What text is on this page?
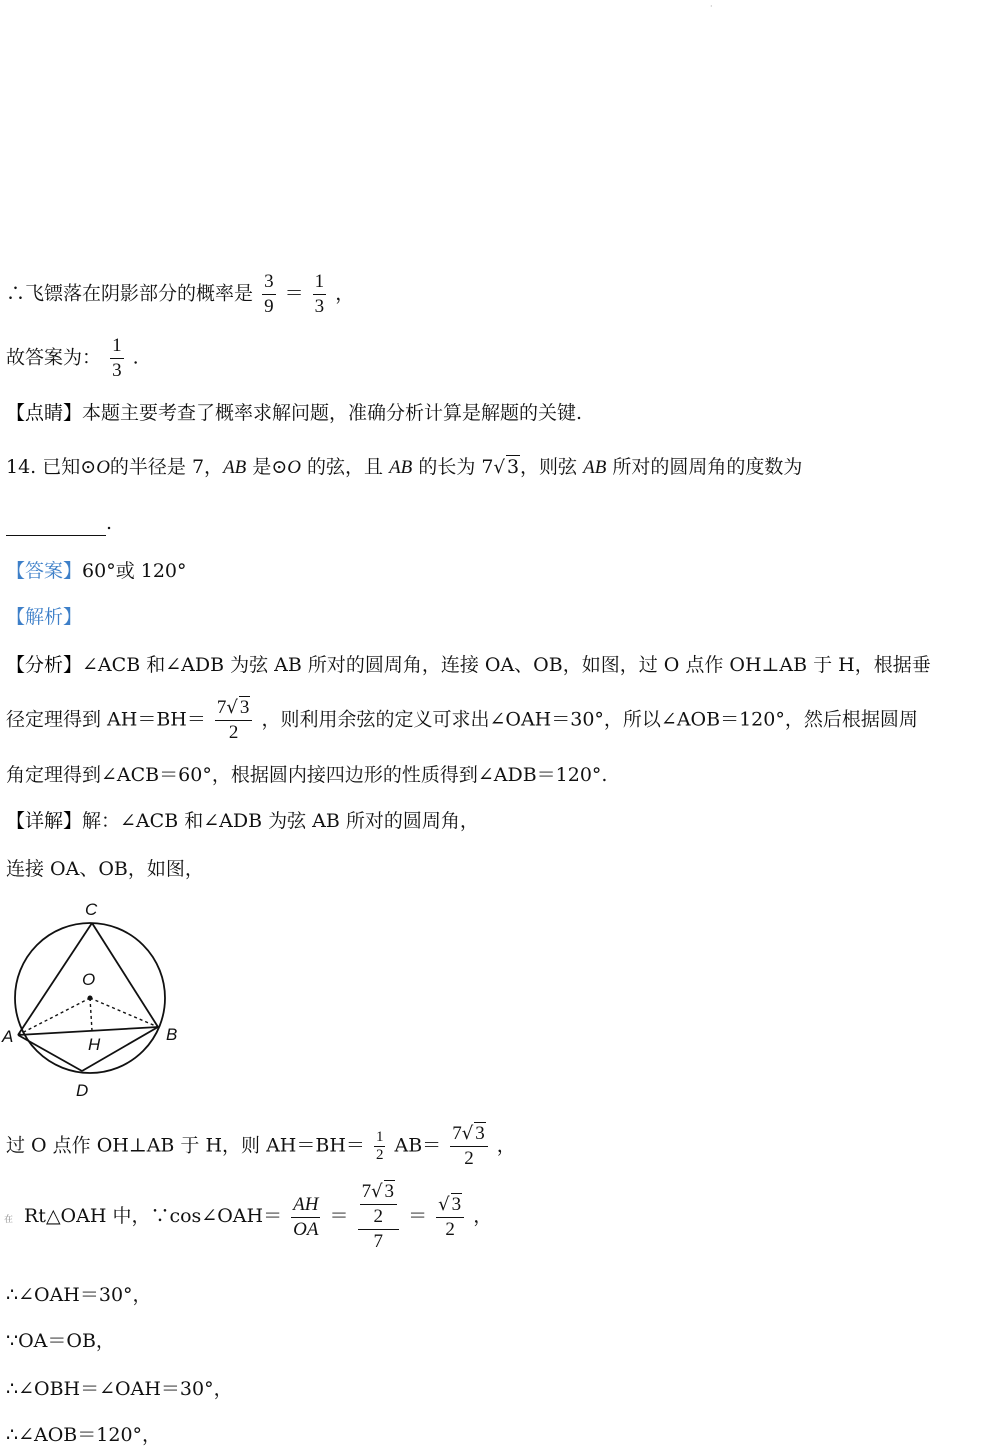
·
∴飞镖落在阴影部分的概率是 $\frac{3}{9} = \frac{1}{3}$ ，
故答案为： $\frac{1}{3}$ .
【点睛】本题主要考查了概率求解问题，准确分析计算是解题的关键.
14. 已知⊙O的半径是 7，AB 是⊙O 的弦，且 AB 的长为 7√ 3，则弦 AB 所对的圆周角的度数为
.
【答案】60°或 120°
【解析】
【分析】∠ACB 和∠ADB 为弦 AB 所对的圆周角，连接 OA、OB，如图，过 O 点作 OH⊥AB 于 H，根据垂
径定理得到 $AH=BH= \frac{7√ 3}{2}$ ，则利用余弦的定义可求出∠OAH＝30°，所以∠AOB＝120°，然后根据圆周
角定理得到∠ACB＝60°，根据圆内接四边形的性质得到∠ADB＝120°.
【详解】解：∠ACB 和∠ADB 为弦 AB 所对的圆周角，
连接 OA、OB，如图，
C
O
A	B
H
D
过 O 点作 OH⊥AB 于 H，则 $AH=BH= \frac{1}{2} AB= \frac{7√ 3}{2}$ ，
在 Rt△OAH 中，∵cos∠OAH＝ $\frac{AH}{OA} = \frac{\frac{7√ 3}{2}}{7} = \frac{√ 3}{2}$ ，
∴∠OAH＝30°，
∵OA＝OB，
∴∠OBH＝∠OAH＝30°，
∴∠AOB＝120°，
